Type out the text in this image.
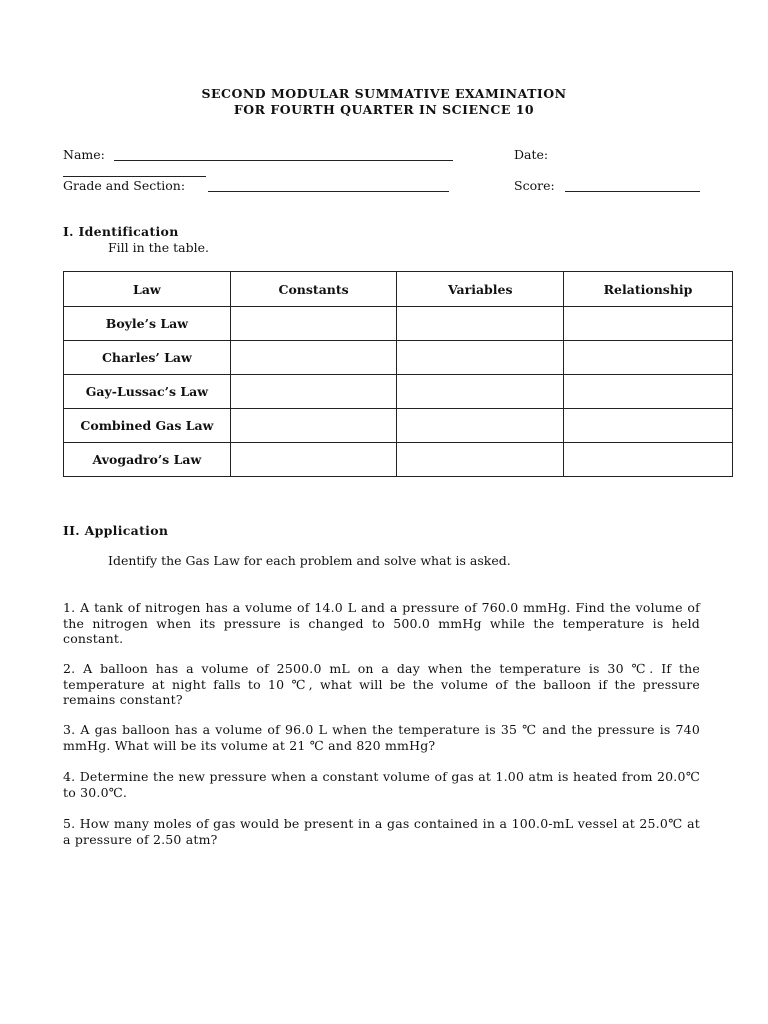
SECOND MODULAR SUMMATIVE EXAMINATION
FOR FOURTH QUARTER IN SCIENCE 10
Name:	Date:
Grade and Section:	Score:
I. Identification
Fill in the table.
Law	Constants	Variables	Relationship
Boyle’s Law			
Charles’ Law			
Gay-Lussac’s Law			
Combined Gas Law			
Avogadro’s Law			
II. Application
Identify the Gas Law for each problem and solve what is asked.
1. A tank of nitrogen has a volume of 14.0 L and a pressure of 760.0 mmHg. Find the volume of the nitrogen when its pressure is changed to 500.0 mmHg while the temperature is held constant.
2. A balloon has a volume of 2500.0 mL on a day when the temperature is 30 ℃. If the temperature at night falls to 10 ℃, what will be the volume of the balloon if the pressure remains constant?
3. A gas balloon has a volume of 96.0 L when the temperature is 35 ℃ and the pressure is 740 mmHg. What will be its volume at 21 ℃ and 820 mmHg?
4. Determine the new pressure when a constant volume of gas at 1.00 atm is heated from 20.0℃ to 30.0℃.
5. How many moles of gas would be present in a gas contained in a 100.0-mL vessel at 25.0℃ at a pressure of 2.50 atm?
